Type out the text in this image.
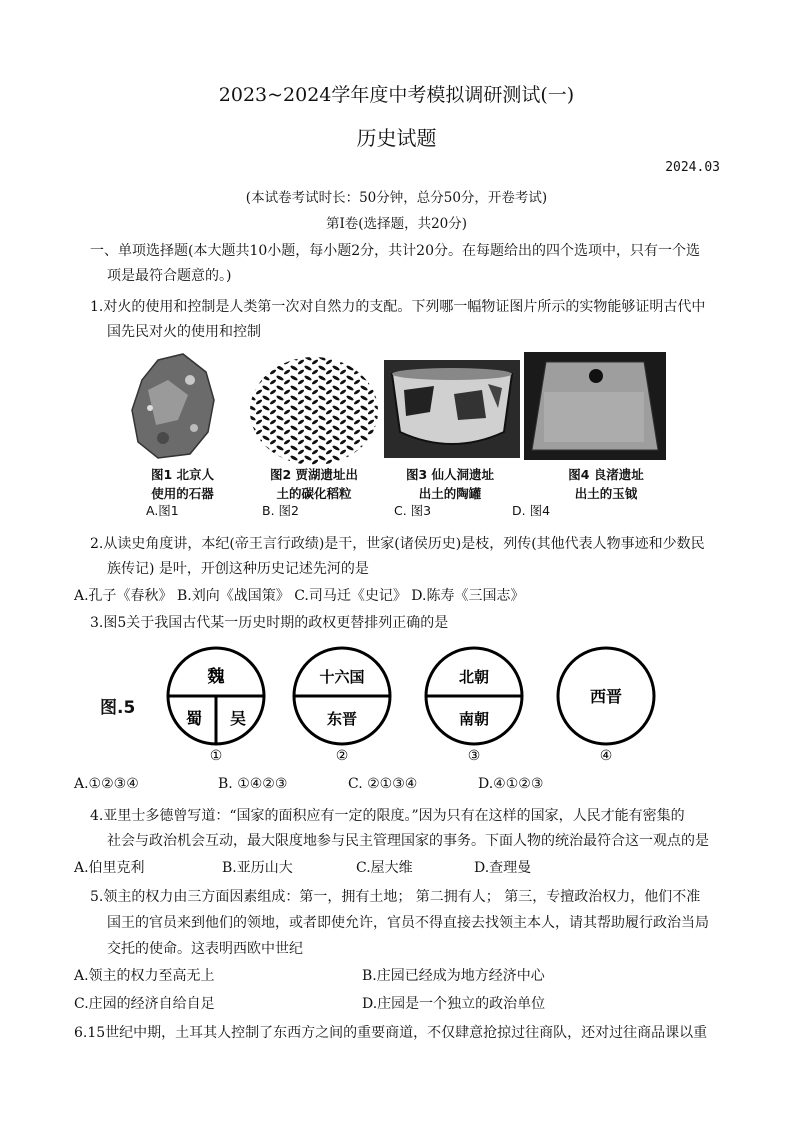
2023~2024学年度中考模拟调研测试(一)
历史试题
2024.03
(本试卷考试时长：50分钟，总分50分，开卷考试)
第Ⅰ卷(选择题，共20分)
一、单项选择题(本大题共10小题，每小题2分，共计20分。在每题给出的四个选项中，只有一个选
项是最符合题意的。)
1.对火的使用和控制是人类第一次对自然力的支配。下列哪一幅物证图片所示的实物能够证明古代中
国先民对火的使用和控制
图1 北京人
使用的石器
图2 贾湖遗址出
土的碳化稻粒
图3 仙人洞遗址
出土的陶罐
图4 良渚遗址
出土的玉钺
A.图1	B. 图2	C. 图3	D. 图4
2.从读史角度讲，本纪(帝王言行政绩)是干，世家(诸侯历史)是枝，列传(其他代表人物事迹和少数民
族传记) 是叶，开创这种历史记述先河的是
A.孔子《春秋》 B.刘向《战国策》 C.司马迁《史记》 D.陈寿《三国志》
3.图5关于我国古代某一历史时期的政权更替排列正确的是
图.5
魏
蜀 吴
①
十六国
东晋
②
北朝
南朝
③
西晋
④
A.①②③④	B. ①④②③	C. ②①③④	D.④①②③
4.亚里士多德曾写道：“国家的面积应有一定的限度。”因为只有在这样的国家，人民才能有密集的
社会与政治机会互动，最大限度地参与民主管理国家的事务。下面人物的统治最符合这一观点的是
A.伯里克利	B.亚历山大	C.屋大维	D.查理曼
5.领主的权力由三方面因素组成：第一，拥有土地； 第二拥有人； 第三，专擅政治权力，他们不准
国王的官员来到他们的领地，或者即使允许，官员不得直接去找领主本人，请其帮助履行政治当局
交托的使命。这表明西欧中世纪
A.领主的权力至高无上	B.庄园已经成为地方经济中心
C.庄园的经济自给自足	D.庄园是一个独立的政治单位
6.15世纪中期，土耳其人控制了东西方之间的重要商道，不仅肆意抢掠过往商队，还对过往商品课以重
